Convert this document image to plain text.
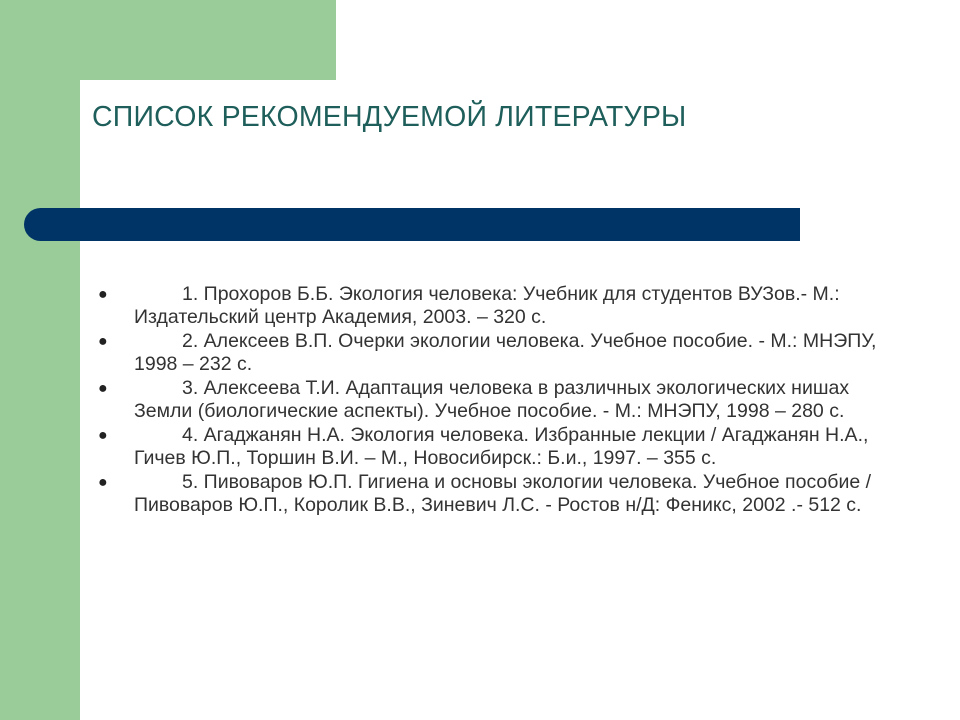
СПИСОК РЕКОМЕНДУЕМОЙ ЛИТЕРАТУРЫ
●	1. Прохоров Б.Б. Экология человека: Учебник для студентов ВУЗов.- М.: Издательский центр Академия, 2003. – 320 с.
●	2. Алексеев В.П. Очерки экологии человека. Учебное пособие. - М.: МНЭПУ, 1998 – 232 с.
●	3. Алексеева Т.И. Адаптация человека в различных экологических нишах Земли (биологические аспекты). Учебное пособие. - М.: МНЭПУ, 1998 – 280 с.
●	4. Агаджанян Н.А. Экология человека. Избранные лекции / Агаджанян Н.А., Гичев Ю.П., Торшин В.И. – М., Новосибирск.: Б.и., 1997. – 355 с.
●	5. Пивоваров Ю.П. Гигиена и основы экологии человека. Учебное пособие / Пивоваров Ю.П., Королик В.В., Зиневич Л.С. - Ростов н/Д: Феникс, 2002 .- 512 с.
